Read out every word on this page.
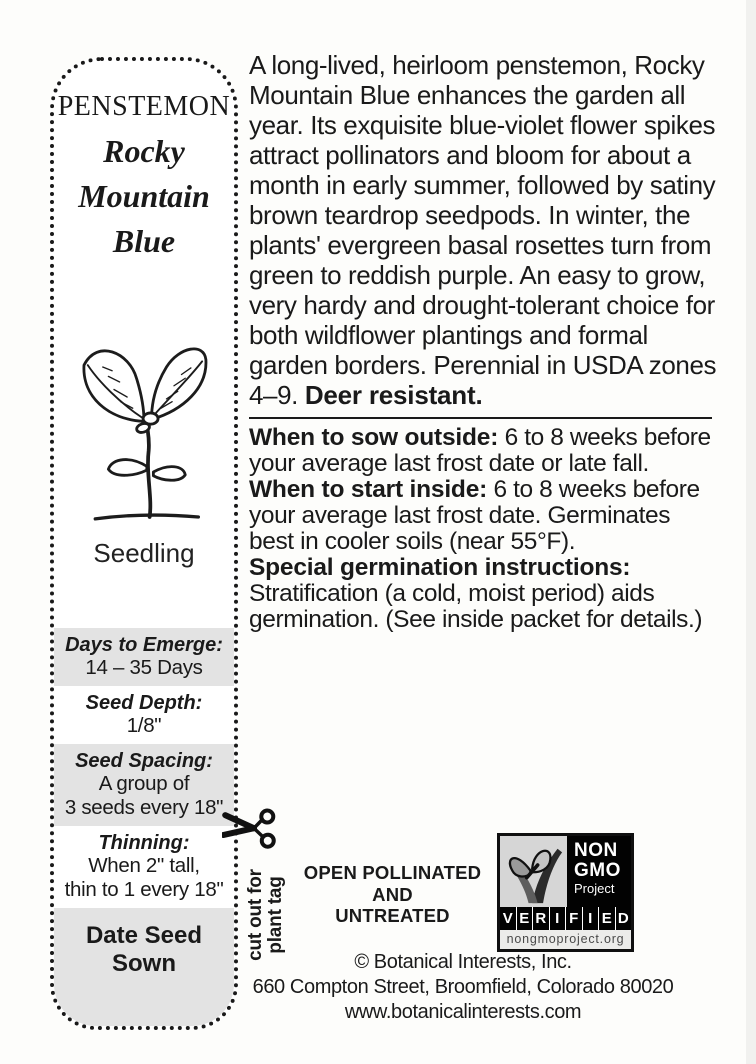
PENSTEMON
Rocky
Mountain
Blue
Seedling
Days to Emerge:
14 – 35 Days
Seed Depth:
1/8"
Seed Spacing:
A group of
3 seeds every 18"
Thinning:
When 2" tall,
thin to 1 every 18"
Date Seed Sown

A long-lived, heirloom penstemon, Rocky Mountain Blue enhances the garden all year. Its exquisite blue-violet flower spikes attract pollinators and bloom for about a month in early summer, followed by satiny brown teardrop seedpods. In winter, the plants' evergreen basal rosettes turn from green to reddish purple. An easy to grow, very hardy and drought-tolerant choice for both wildflower plantings and formal garden borders. Perennial in USDA zones 4–9. Deer resistant.

When to sow outside: 6 to 8 weeks before your average last frost date or late fall.

When to start inside: 6 to 8 weeks before your average last frost date. Germinates best in cooler soils (near 55°F).

Special germination instructions:
Stratification (a cold, moist period) aids germination. (See inside packet for details.)

cut out for plant tag
OPEN POLLINATED
AND
UNTREATED
NON
GMO
Project
V E R I F I E D
nongmoproject.org
© Botanical Interests, Inc.
660 Compton Street, Broomfield, Colorado 80020
www.botanicalinterests.com
